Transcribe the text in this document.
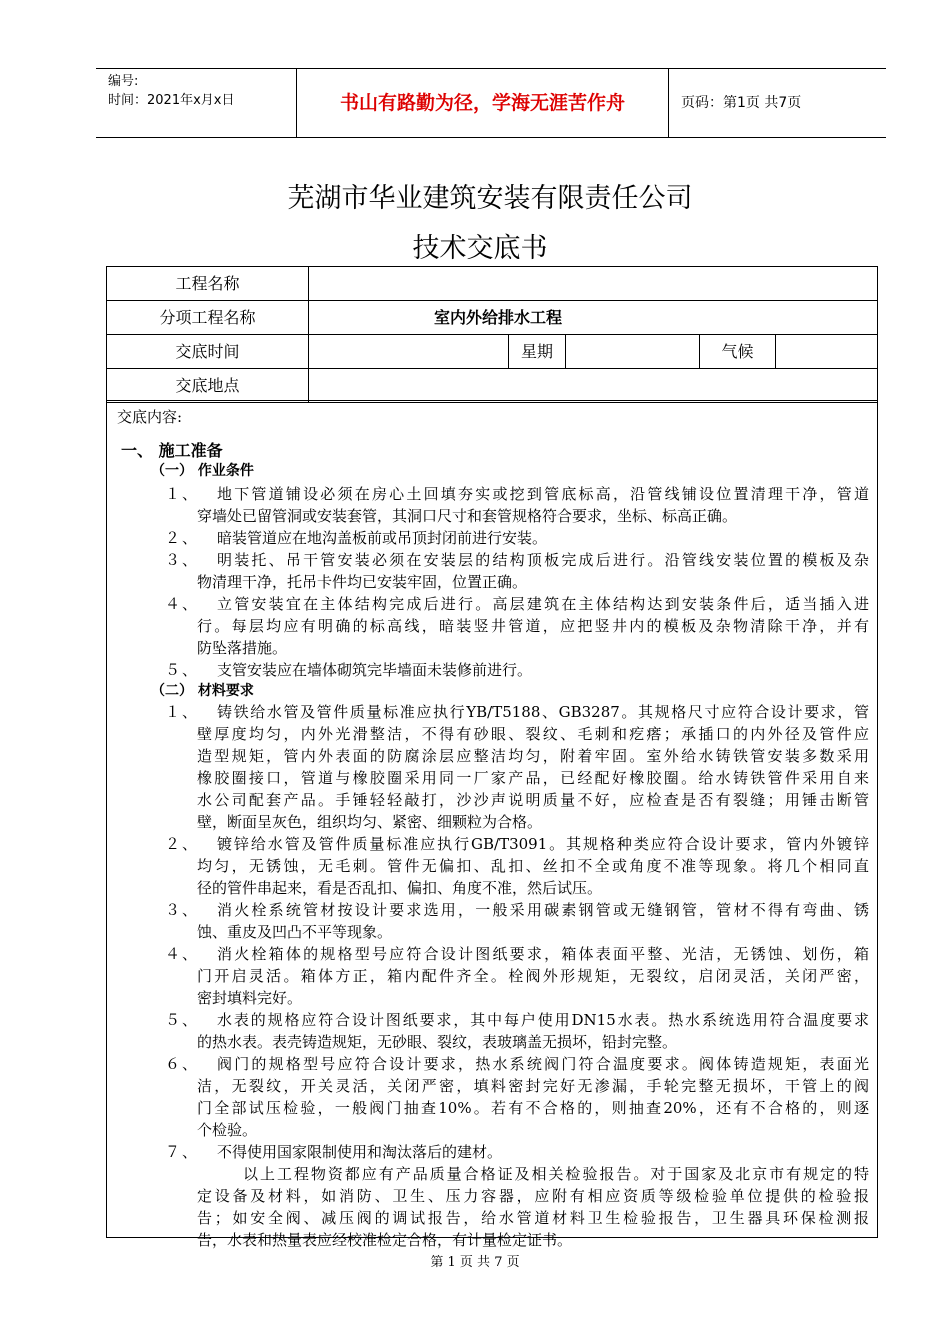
编号:
时间：2021年x月x日	书山有路勤为径，学海无涯苦作舟	页码：第1页 共7页
芜湖市华业建筑安装有限责任公司
技术交底书
工程名称
分项工程名称	室内外给排水工程
交底时间	星期	气候
交底地点
交底内容:
一、 施工准备
（一） 作业条件
１、	地下管道铺设必须在房心土回填夯实或挖到管底标高，沿管线铺设位置清理干净，管道
穿墙处已留管洞或安装套管，其洞口尺寸和套管规格符合要求，坐标、标高正确。
２、	暗装管道应在地沟盖板前或吊顶封闭前进行安装。
３、	明装托、吊干管安装必须在安装层的结构顶板完成后进行。沿管线安装位置的模板及杂
物清理干净，托吊卡件均已安装牢固，位置正确。
４、	立管安装宜在主体结构完成后进行。高层建筑在主体结构达到安装条件后，适当插入进
行。每层均应有明确的标高线，暗装竖井管道，应把竖井内的模板及杂物清除干净，并有
防坠落措施。
５、	支管安装应在墙体砌筑完毕墙面未装修前进行。
（二） 材料要求
１、	铸铁给水管及管件质量标准应执行YB/T5188、GB3287。其规格尺寸应符合设计要求，管
壁厚度均匀，内外光滑整洁，不得有砂眼、裂纹、毛刺和疙瘩；承插口的内外径及管件应
造型规矩，管内外表面的防腐涂层应整洁均匀，附着牢固。室外给水铸铁管安装多数采用
橡胶圈接口，管道与橡胶圈采用同一厂家产品，已经配好橡胶圈。给水铸铁管件采用自来
水公司配套产品。手锤轻轻敲打，沙沙声说明质量不好，应检查是否有裂缝；用锤击断管
壁，断面呈灰色，组织均匀、紧密、细颗粒为合格。
２、	镀锌给水管及管件质量标准应执行GB/T3091。其规格种类应符合设计要求，管内外镀锌
均匀，无锈蚀，无毛刺。管件无偏扣、乱扣、丝扣不全或角度不准等现象。将几个相同直
径的管件串起来，看是否乱扣、偏扣、角度不准，然后试压。
３、	消火栓系统管材按设计要求选用，一般采用碳素钢管或无缝钢管，管材不得有弯曲、锈
蚀、重皮及凹凸不平等现象。
４、	消火栓箱体的规格型号应符合设计图纸要求，箱体表面平整、光洁，无锈蚀、划伤，箱
门开启灵活。箱体方正，箱内配件齐全。栓阀外形规矩，无裂纹，启闭灵活，关闭严密，
密封填料完好。
５、	水表的规格应符合设计图纸要求，其中每户使用DN15水表。热水系统选用符合温度要求
的热水表。表壳铸造规矩，无砂眼、裂纹，表玻璃盖无损坏，铅封完整。
６、	阀门的规格型号应符合设计要求，热水系统阀门符合温度要求。阀体铸造规矩，表面光
洁，无裂纹，开关灵活，关闭严密，填料密封完好无渗漏，手轮完整无损坏，干管上的阀
门全部试压检验，一般阀门抽查10%。若有不合格的，则抽查20%，还有不合格的，则逐
个检验。
７、	不得使用国家限制使用和淘汰落后的建材。
以上工程物资都应有产品质量合格证及相关检验报告。对于国家及北京市有规定的特
定设备及材料，如消防、卫生、压力容器，应附有相应资质等级检验单位提供的检验报
告；如安全阀、减压阀的调试报告，给水管道材料卫生检验报告，卫生器具环保检测报
告，水表和热量表应经校准检定合格，有计量检定证书。
第 1 页 共 7 页
